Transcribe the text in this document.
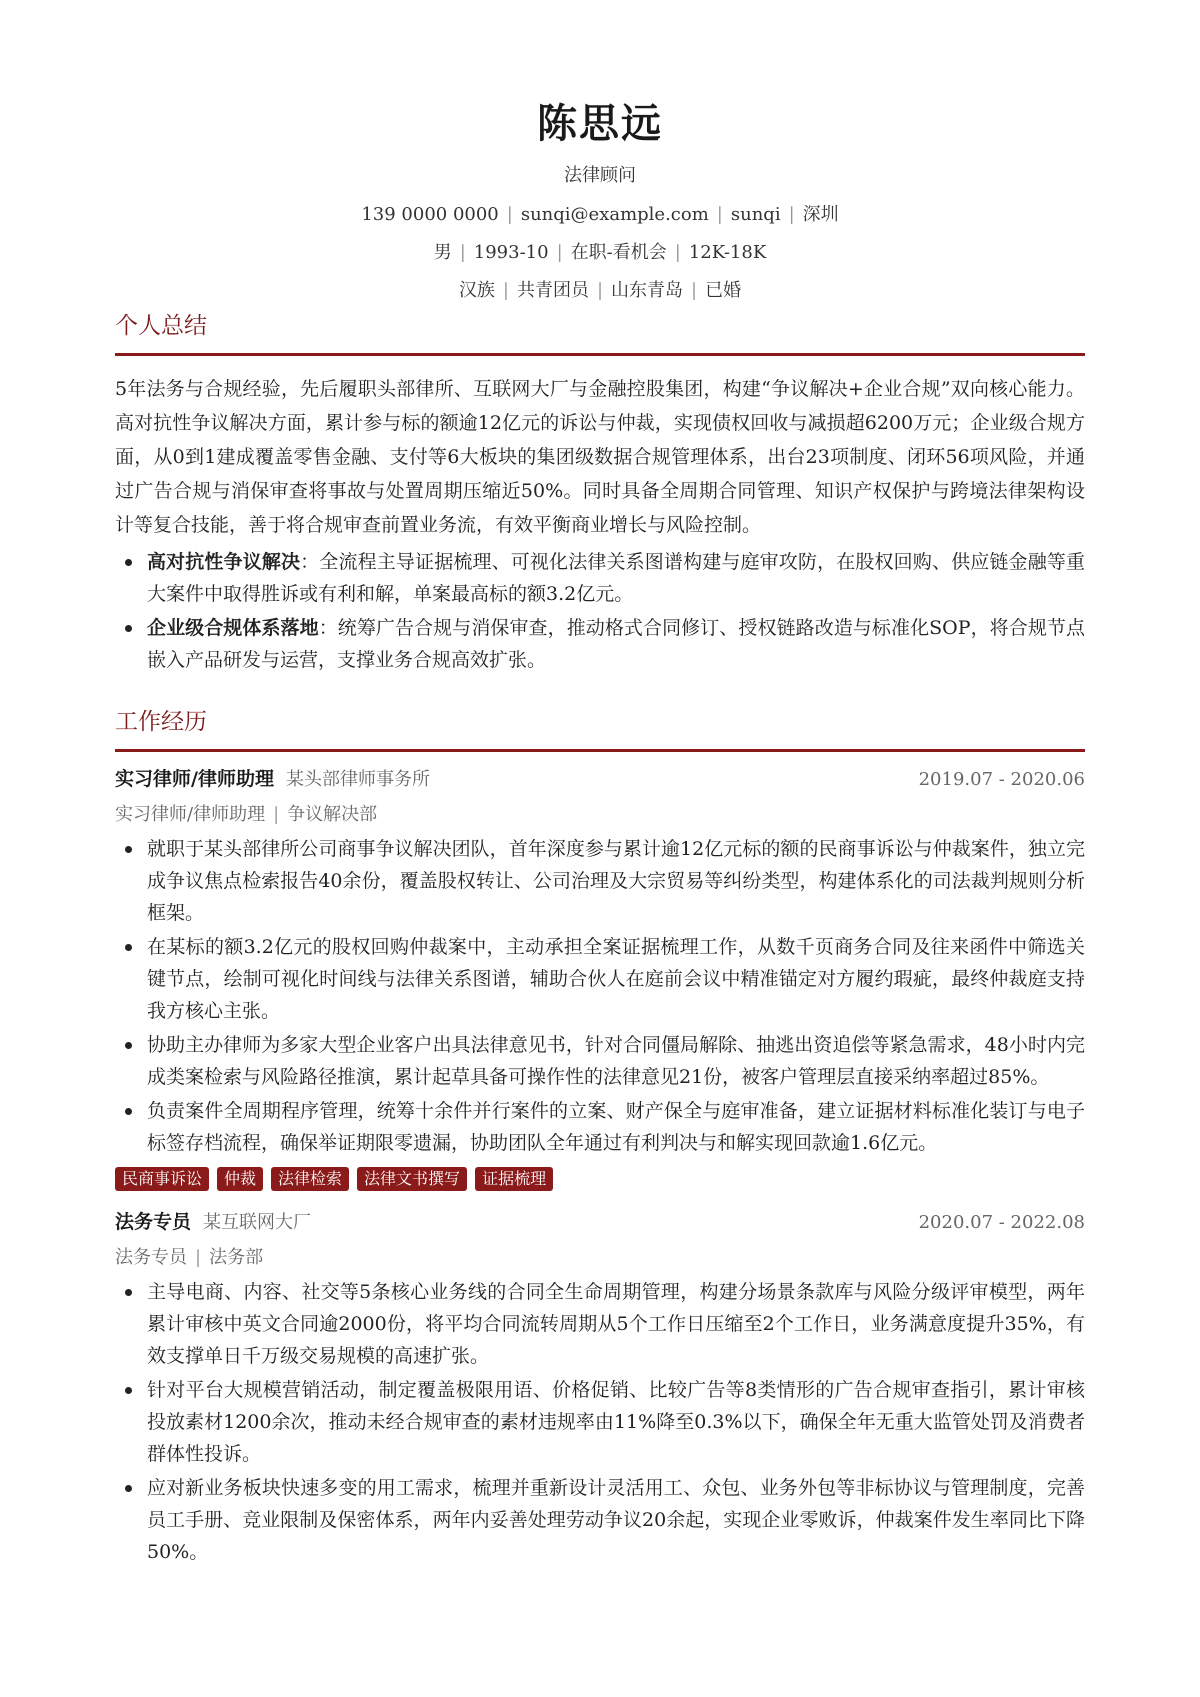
陈思远
法律顾问
139 0000 0000 | sunqi@example.com | sunqi | 深圳
男 | 1993-10 | 在职-看机会 | 12K-18K
汉族 | 共青团员 | 山东青岛 | 已婚
个人总结

5年法务与合规经验，先后履职头部律所、互联网大厂与金融控股集团，构建“争议解决+企业合规”双向核心能力。高对抗性争议解决方面，累计参与标的额逾12亿元的诉讼与仲裁，实现债权回收与减损超6200万元；企业级合规方面，从0到1建成覆盖零售金融、支付等6大板块的集团级数据合规管理体系，出台23项制度、闭环56项风险，并通过广告合规与消保审查将事故与处置周期压缩近50%。同时具备全周期合同管理、知识产权保护与跨境法律架构设计等复合技能，善于将合规审查前置业务流，有效平衡商业增长与风险控制。

高对抗性争议解决：全流程主导证据梳理、可视化法律关系图谱构建与庭审攻防，在股权回购、供应链金融等重大案件中取得胜诉或有利和解，单案最高标的额3.2亿元。
企业级合规体系落地：统筹广告合规与消保审查，推动格式合同修订、授权链路改造与标准化SOP，将合规节点嵌入产品研发与运营，支撑业务合规高效扩张。
工作经历
实习律师/律师助理 某头部律师事务所	2019.07 - 2020.06
实习律师/律师助理 | 争议解决部
就职于某头部律所公司商事争议解决团队，首年深度参与累计逾12亿元标的额的民商事诉讼与仲裁案件，独立完成争议焦点检索报告40余份，覆盖股权转让、公司治理及大宗贸易等纠纷类型，构建体系化的司法裁判规则分析框架。
在某标的额3.2亿元的股权回购仲裁案中，主动承担全案证据梳理工作，从数千页商务合同及往来函件中筛选关键节点，绘制可视化时间线与法律关系图谱，辅助合伙人在庭前会议中精准锚定对方履约瑕疵，最终仲裁庭支持我方核心主张。
协助主办律师为多家大型企业客户出具法律意见书，针对合同僵局解除、抽逃出资追偿等紧急需求，48小时内完成类案检索与风险路径推演，累计起草具备可操作性的法律意见21份，被客户管理层直接采纳率超过85%。
负责案件全周期程序管理，统筹十余件并行案件的立案、财产保全与庭审准备，建立证据材料标准化装订与电子标签存档流程，确保举证期限零遗漏，协助团队全年通过有利判决与和解实现回款逾1.6亿元。
民商事诉讼	仲裁	法律检索	法律文书撰写	证据梳理
法务专员 某互联网大厂	2020.07 - 2022.08
法务专员 | 法务部
主导电商、内容、社交等5条核心业务线的合同全生命周期管理，构建分场景条款库与风险分级评审模型，两年累计审核中英文合同逾2000份，将平均合同流转周期从5个工作日压缩至2个工作日，业务满意度提升35%，有效支撑单日千万级交易规模的高速扩张。
针对平台大规模营销活动，制定覆盖极限用语、价格促销、比较广告等8类情形的广告合规审查指引，累计审核投放素材1200余次，推动未经合规审查的素材违规率由11%降至0.3%以下，确保全年无重大监管处罚及消费者群体性投诉。
应对新业务板块快速多变的用工需求，梳理并重新设计灵活用工、众包、业务外包等非标协议与管理制度，完善员工手册、竞业限制及保密体系，两年内妥善处理劳动争议20余起，实现企业零败诉，仲裁案件发生率同比下降50%。
